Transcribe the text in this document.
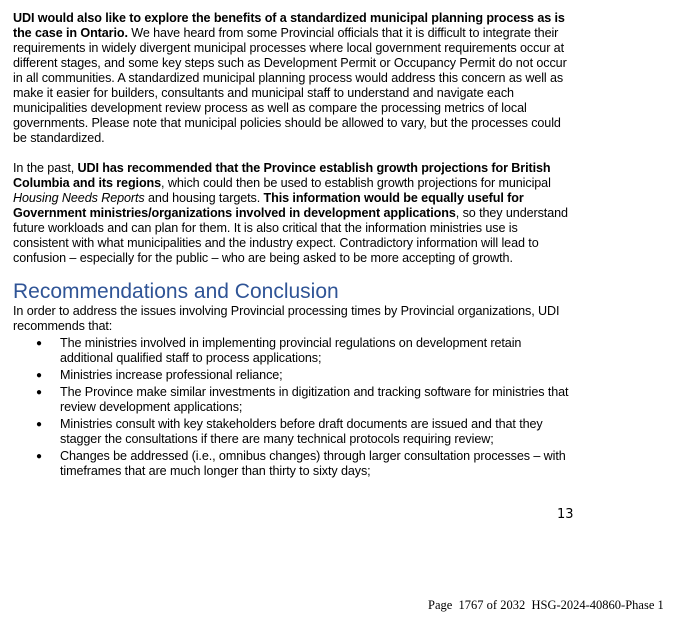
UDI would also like to explore the benefits of a standardized municipal planning process as is the case in Ontario. We have heard from some Provincial officials that it is difficult to integrate their requirements in widely divergent municipal processes where local government requirements occur at different stages, and some key steps such as Development Permit or Occupancy Permit do not occur in all communities. A standardized municipal planning process would address this concern as well as make it easier for builders, consultants and municipal staff to understand and navigate each municipalities development review process as well as compare the processing metrics of local governments. Please note that municipal policies should be allowed to vary, but the processes could be standardized.

In the past, UDI has recommended that the Province establish growth projections for British Columbia and its regions, which could then be used to establish growth projections for municipal Housing Needs Reports and housing targets. This information would be equally useful for Government ministries/organizations involved in development applications, so they understand future workloads and can plan for them. It is also critical that the information ministries use is consistent with what municipalities and the industry expect. Contradictory information will lead to confusion – especially for the public – who are being asked to be more accepting of growth.

Recommendations and Conclusion

In order to address the issues involving Provincial processing times by Provincial organizations, UDI recommends that:

● The ministries involved in implementing provincial regulations on development retain additional qualified staff to process applications;
● Ministries increase professional reliance;
● The Province make similar investments in digitization and tracking software for ministries that review development applications;
● Ministries consult with key stakeholders before draft documents are issued and that they stagger the consultations if there are many technical protocols requiring review;
● Changes be addressed (i.e., omnibus changes) through larger consultation processes – with timeframes that are much longer than thirty to sixty days;
13
Page  1767 of 2032  HSG-2024-40860-Phase 1
